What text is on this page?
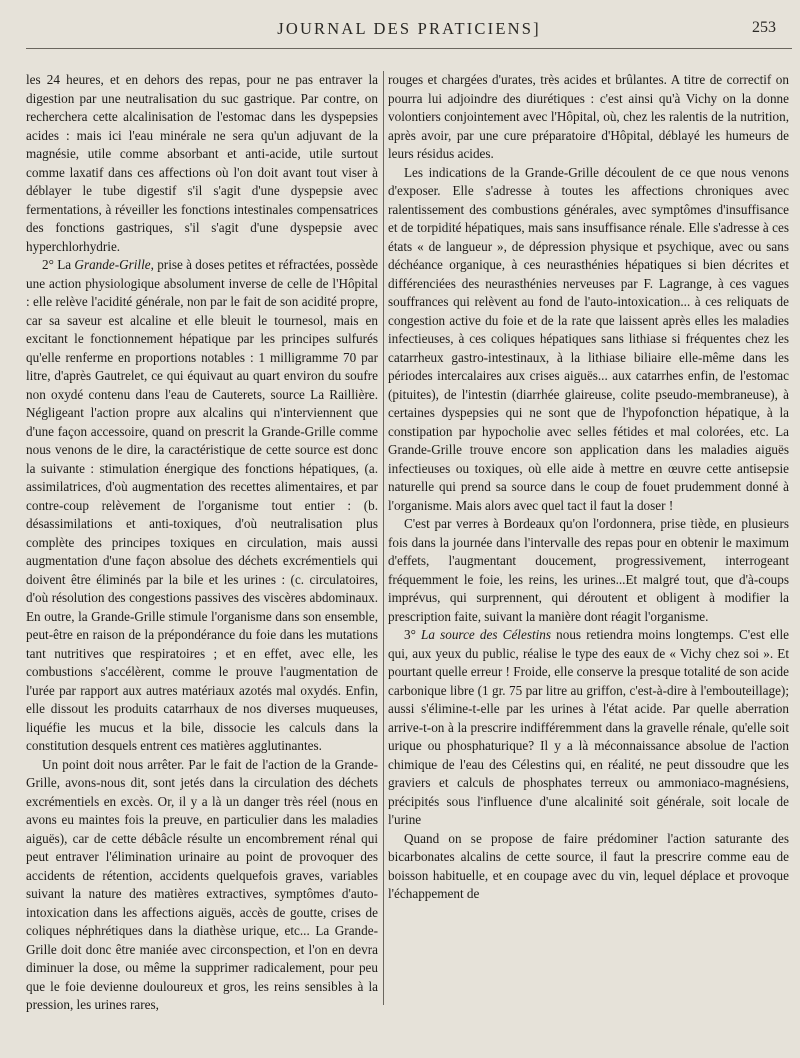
JOURNAL DES PRATICIENS]	253

les 24 heures, et en dehors des repas, pour ne pas entraver la digestion par une neutralisation du suc gastrique. Par contre, on recherchera cette alcalinisation de l'estomac dans les dyspepsies acides : mais ici l'eau minérale ne sera qu'un adjuvant de la magnésie, utile comme absorbant et anti-acide, utile surtout comme laxatif dans ces affections où l'on doit avant tout viser à déblayer le tube digestif s'il s'agit d'une dyspepsie avec fermentations, à réveiller les fonctions intestinales compensatrices des fonctions gastriques, s'il s'agit d'une dyspepsie avec hyperchlorhydrie.

2° La Grande-Grille, prise à doses petites et réfractées, possède une action physiologique absolument inverse de celle de l'Hôpital : elle relève l'acidité générale, non par le fait de son acidité propre, car sa saveur est alcaline et elle bleuit le tournesol, mais en excitant le fonctionnement hépatique par les principes sulfurés qu'elle renferme en proportions notables : 1 milligramme 70 par litre, d'après Gautrelet, ce qui équivaut au quart environ du soufre non oxydé contenu dans l'eau de Cauterets, source La Raillière. Négligeant l'action propre aux alcalins qui n'interviennent que d'une façon accessoire, quand on prescrit la Grande-Grille comme nous venons de le dire, la caractéristique de cette source est donc la suivante : stimulation énergique des fonctions hépatiques, (a. assimilatrices, d'où augmentation des recettes alimentaires, et par contre-coup relèvement de l'organisme tout entier : (b. désassimilations et anti-toxiques, d'où neutralisation plus complète des principes toxiques en circulation, mais aussi augmentation d'une façon absolue des déchets excrémentiels qui doivent être éliminés par la bile et les urines : (c. circulatoires, d'où résolution des congestions passives des viscères abdominaux. En outre, la Grande-Grille stimule l'organisme dans son ensemble, peut-être en raison de la prépondérance du foie dans les mutations tant nutritives que respiratoires ; et en effet, avec elle, les combustions s'accélèrent, comme le prouve l'augmentation de l'urée par rapport aux autres matériaux azotés mal oxydés. Enfin, elle dissout les produits catarrhaux de nos diverses muqueuses, liquéfie les mucus et la bile, dissocie les calculs dans la constitution desquels entrent ces matières agglutinantes.

Un point doit nous arrêter. Par le fait de l'action de la Grande-Grille, avons-nous dit, sont jetés dans la circulation des déchets excrémentiels en excès. Or, il y a là un danger très réel (nous en avons eu maintes fois la preuve, en particulier dans les maladies aiguës), car de cette débâcle résulte un encombrement rénal qui peut entraver l'élimination urinaire au point de provoquer des accidents de rétention, accidents quelquefois graves, variables suivant la nature des matières extractives, symptômes d'auto-intoxication dans les affections aiguës, accès de goutte, crises de coliques néphrétiques dans la diathèse urique, etc... La Grande-Grille doit donc être maniée avec circonspection, et l'on en devra diminuer la dose, ou même la supprimer radicalement, pour peu que le foie devienne douloureux et gros, les reins sensibles à la pression, les urines rares,

rouges et chargées d'urates, très acides et brûlantes. A titre de correctif on pourra lui adjoindre des diurétiques : c'est ainsi qu'à Vichy on la donne volontiers conjointement avec l'Hôpital, où, chez les ralentis de la nutrition, après avoir, par une cure préparatoire d'Hôpital, déblayé les humeurs de leurs résidus acides.

Les indications de la Grande-Grille découlent de ce que nous venons d'exposer. Elle s'adresse à toutes les affections chroniques avec ralentissement des combustions générales, avec symptômes d'insuffisance et de torpidité hépatiques, mais sans insuffisance rénale. Elle s'adresse à ces états « de langueur », de dépression physique et psychique, avec ou sans déchéance organique, à ces neurasthénies hépatiques si bien décrites et différenciées des neurasthénies nerveuses par F. Lagrange, à ces vagues souffrances qui relèvent au fond de l'auto-intoxication... à ces reliquats de congestion active du foie et de la rate que laissent après elles les maladies infectieuses, à ces coliques hépatiques sans lithiase si fréquentes chez les catarrheux gastro-intestinaux, à la lithiase biliaire elle-même dans les périodes intercalaires aux crises aiguës... aux catarrhes enfin, de l'estomac (pituites), de l'intestin (diarrhée glaireuse, colite pseudo-membraneuse), à certaines dyspepsies qui ne sont que de l'hypofonction hépatique, à la constipation par hypocholie avec selles fétides et mal colorées, etc. La Grande-Grille trouve encore son application dans les maladies aiguës infectieuses ou toxiques, où elle aide à mettre en œuvre cette antisepsie naturelle qui prend sa source dans le coup de fouet prudemment donné à l'organisme. Mais alors avec quel tact il faut la doser !

C'est par verres à Bordeaux qu'on l'ordonnera, prise tiède, en plusieurs fois dans la journée dans l'intervalle des repas pour en obtenir le maximum d'effets, l'augmentant doucement, progressivement, interrogeant fréquemment le foie, les reins, les urines...Et malgré tout, que d'à-coups imprévus, qui surprennent, qui déroutent et obligent à modifier la prescription faite, suivant la manière dont réagit l'organisme.

3° La source des Célestins nous retiendra moins longtemps. C'est elle qui, aux yeux du public, réalise le type des eaux de « Vichy chez soi ». Et pourtant quelle erreur ! Froide, elle conserve la presque totalité de son acide carbonique libre (1 gr. 75 par litre au griffon, c'est-à-dire à l'embouteillage); aussi s'élimine-t-elle par les urines à l'état acide. Par quelle aberration arrive-t-on à la prescrire indifféremment dans la gravelle rénale, qu'elle soit urique ou phosphaturique? Il y a là méconnaissance absolue de l'action chimique de l'eau des Célestins qui, en réalité, ne peut dissoudre que les graviers et calculs de phosphates terreux ou ammoniaco-magnésiens, précipités sous l'influence d'une alcalinité soit générale, soit locale de l'urine

Quand on se propose de faire prédominer l'action saturante des bicarbonates alcalins de cette source, il faut la prescrire comme eau de boisson habituelle, et en coupage avec du vin, lequel déplace et provoque l'échappement de
